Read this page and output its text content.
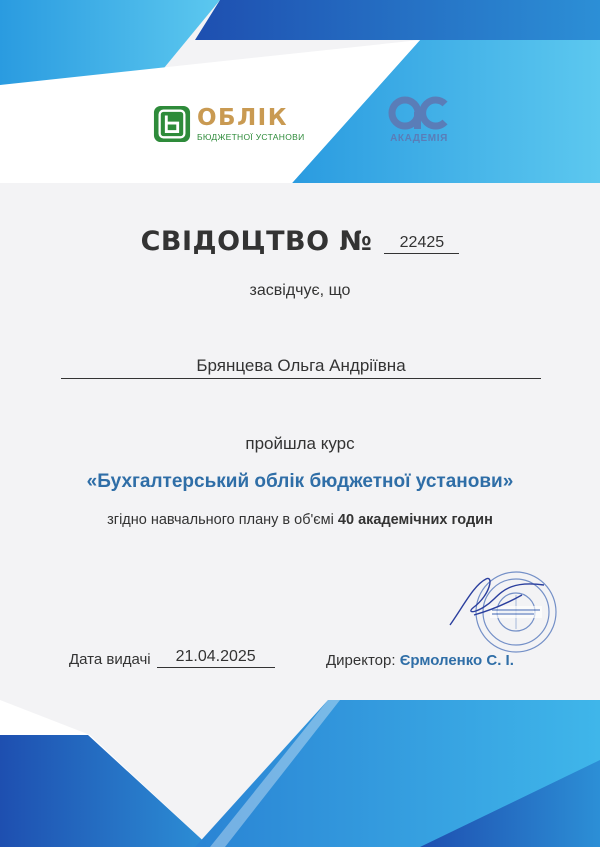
ОБЛІК
БЮДЖЕТНОЇ УСТАНОВИ	АКАДЕМІЯ
СВІДОЦТВО № 22425
засвідчує, що
Брянцева Ольга Андріївна
пройшла курс
«Бухгалтерський облік бюджетної установи»
згідно навчального плану в об'ємі 40 академічних годин
Дата видачі	21.04.2025	Директор: Єрмоленко С. І.
